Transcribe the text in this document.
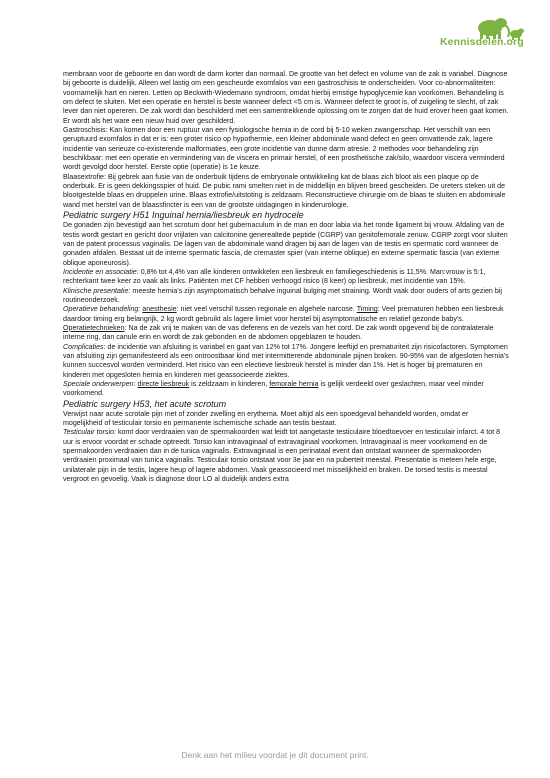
Kennisdelen.org

membraan voor de geboorte en dan wordt de darm korter dan normaal. De grootte van het defect en volume van de zak is variabel. Diagnose bij geboorte is duidelijk. Alleen wel lastig om een gescheurde exomfalos van een gastroschisis te onderscheiden. Voor co-abnormaliteiten: voornamelijk hart en nieren. Letten op Beckwith-Wiedemann syndroom, omdat hierbij ernstige hypoglycemie kan voorkomen. Behandeling is om defect te sluiten. Met een operatie en herstel is beste wanneer defect <5 cm is. Wanneer defect te groot is, of zuigeling te slecht, of zak lever dan niet opereren. De zak wordt dan beschilderd met een samentrekkende oplossing om te zorgen dat de huid erover heen gaat komen. Er wordt als het ware een nieuw huid over geschilderd.

Gastroschisis: Kan komen door een ruptuur van een fysiologische hernia in de cord bij 5-10 weken zwangerschap. Het verschilt van een geruptuurd exomfalos in dat er is: een groter risico op hypothermie, een kleiner abdominale wand defect en geen omvattende zak, lagere incidentie van serieuze co-existerende malformaties, een grote incidentie van dunne darm atresie. 2 methodes voor behandeling zijn beschikbaar: met een operatie en vermindering van de viscera en primair herstel, of een prosthetische zak/silo, waardoor viscera verminderd wordt gevolgd door herstel. Eerste optie (operatie) is 1e keuze.

Blaasextrofie: Bij gebrek aan fusie van de onderbuik tijdens de embryonale ontwikkeling kat de blaas zich bloot als een plaque op de onderbuik. Er is geen dekkingsspier of huid. De pubic rami smelten niet in de middellijn en blijven breed gescheiden. De ureters steken uit de blootgestelde blaas en druppelen urine. Blaas extrofie/uitstoting is zeldzaam. Reconstructieve chirurgie om de blaas te sluiten en abdominale wand met herstel van de blaassfincter is een van de grootste uitdagingen in kinderurologie.

Pediatric surgery H51 Inguinal hernia/liesbreuk en hydrocele

De gonaden zijn bevestigd aan het scrotum door het gubernaculum in de man en door labia via het ronde ligament bij vrouw. Afdaling van de testis wordt gestart en gericht door vrijlaten van calcitonine generealtede peptide (CGRP) van genitofemorale zenuw. CGRP zorgt voor sluiten van de patent processus vaginalis. De lagen van de abdominale wand dragen bij aan de lagen van de testis en spermatic cord wanneer de gonaden afdalen. Bestaat uit de interne spermatic fascia, de cremaster spier (van interne oblique) en externe spermatic fascia (van externe oblique aponeurosis).

Incidentie en associatie: 0,8% tot 4,4% van alle kinderen ontwikkelen een liesbreuk en familiegeschiedenis is 11,5%. Man:vrouw is 5:1, rechterkant twee keer zo vaak als links. Patiënten met CF hebben verhoogd risico (8 keer) op liesbreuk, met incidentie van 15%.

Klinische presentatie: meeste hernia's zijn asymptomatisch behalve inguinal bulging met straining. Wordt vaak door ouders of arts gezien bij routineonderzoek.

Operatieve behandeling: anesthesie: niet veel verschil tussen regionale en algehele narcose. Timing: Veel prematuren hebben een liesbreuk daardoor timing erg belangrijk, 2 kg wordt gebruikt als lagere limiet voor herstel bij asymptomatische en relatief gezonde baby's. Operatietechnieken: Na de zak vrij te maken van de vas deferens en de vezels van het cord. De zak wordt opgevend bij de contralaterale interne ring, dan canule erin en wordt de zak gebonden en de abdomen opgeblazen te houden.

Complicaties: de incidentie van afsluiting is variabel en gaat van 12% tot 17%. Jongere leeftijd en prematuriteit zijn risicofactoren. Symptomen van afsluiting zijn gemanifesteerd als een ontroostbaar kind met intermitterende abdominale pijnen braken. 90-95% van de afgesloten hernia's kunnen succesvol worden verminderd. Het risico van een electieve liesbreuk herstel is minder dan 1%. Het is hoger bij prematuren en kinderen met opgesloten hernia en kinderen met geassocieerde ziektes.

Speciale onderwerpen: directe liesbreuk is zeldzaam in kinderen, femorale hernia is gelijk verdeeld over geslachten, maar veel minder voorkomend.

Pediatric surgery H53, het acute scrotum

Verwijst naar acute scrotale pijn met of zonder zwelling en erythema. Moet altijd als een spoedgeval behandeld worden, omdat er mogelijkheid of testiculair torsio en permanente ischemische schade aan testis bestaat.

Testiculair torsio: komt door verdraaien van de spermakoorden wat leidt tot aangetaste testiculaire bloedtoevoer en testiculair infarct. 4 tot 8 uur is ervoor voordat er schade optreedt. Torsio kan intravaginaal of extravaginaal voorkomen. Intravaginaal is meer voorkomend en de spermakoorden verdraaien dan in de tunica vaginalis. Extravaginaal is een perinataal event dan ontstaat wanneer de spermakoorden verdraaien proximaal van tunica vaginalis. Testiculair torsio ontstaat voor 3e jaar en na puberteit meestal. Presentatie is meteen hele erge, unilaterale pijn in de testis, lagere heup of lagere abdomen. Vaak geassocieerd met misselijkheid en braken. De torsed testis is meestal vergroot en gevoelig. Vaak is diagnose door LO al duidelijk anders extra

Denk aan het milieu voordat je dit document print.
